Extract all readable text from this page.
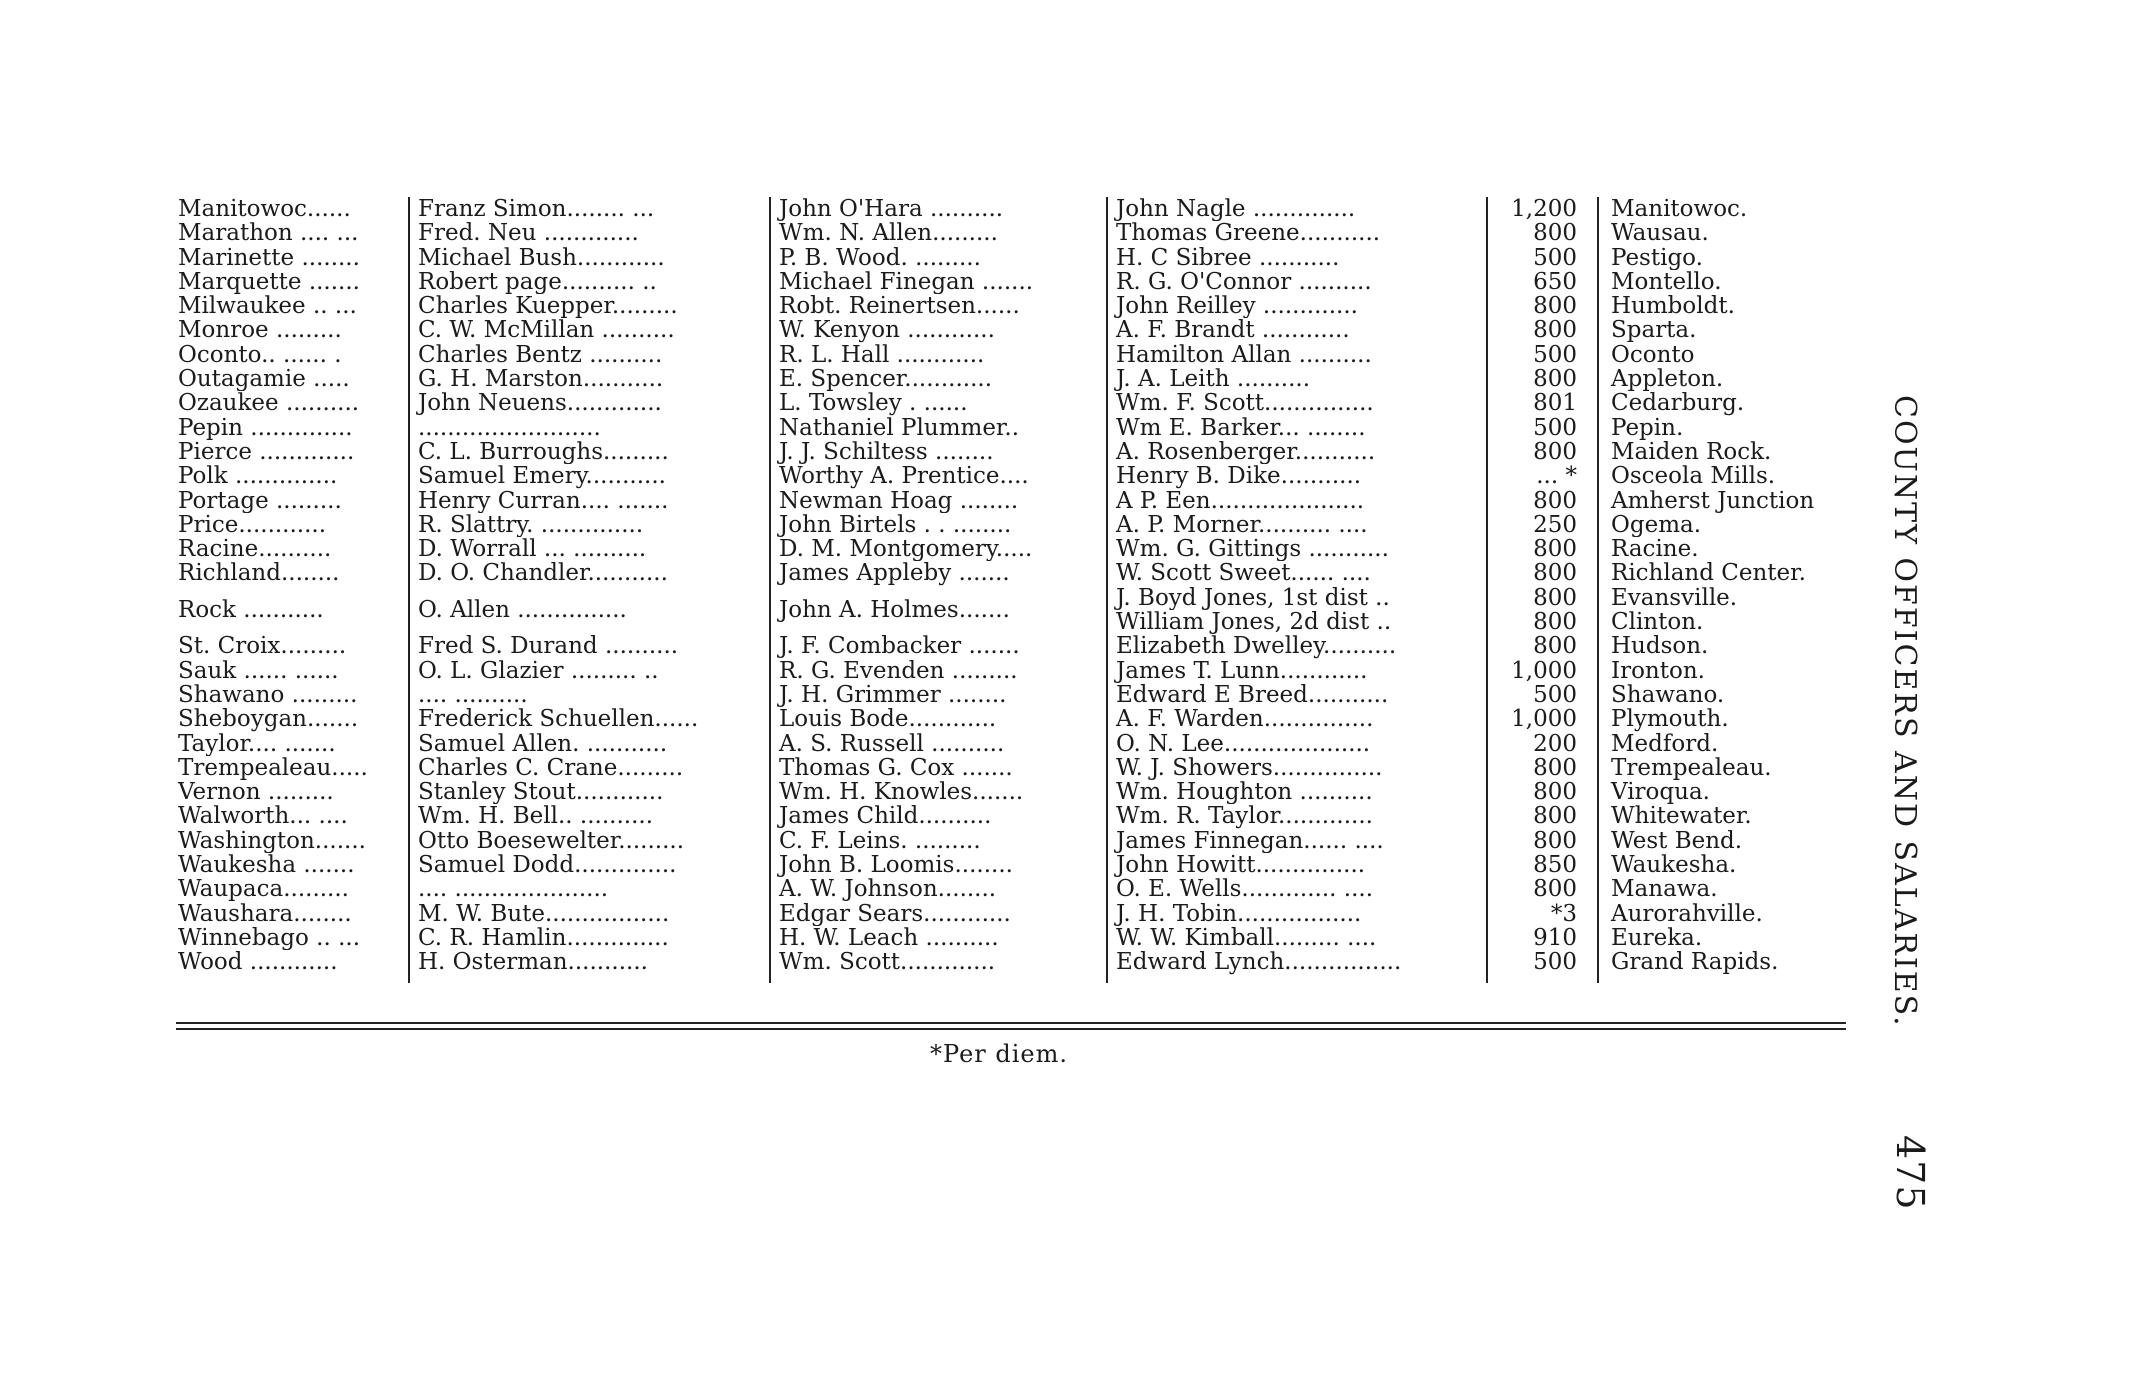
Manitowoc......	Franz Simon........ ...	John O'Hara ..........	John Nagle ..............	1,200	Manitowoc.
Marathon .... ...	Fred. Neu .............	Wm. N. Allen.........	Thomas Greene...........	800	Wausau.
Marinette ........	Michael Bush............	P. B. Wood. .........	H. C Sibree ...........	500	Pestigo.
Marquette .......	Robert page.......... ..	Michael Finegan .......	R. G. O'Connor ..........	650	Montello.
Milwaukee .. ...	Charles Kuepper.........	Robt. Reinertsen......	John Reilley .............	800	Humboldt.
Monroe .........	C. W. McMillan ..........	W. Kenyon ............	A. F. Brandt ............	800	Sparta.
Oconto.. ...... .	Charles Bentz ..........	R. L. Hall ............	Hamilton Allan ..........	500	Oconto
Outagamie .....	G. H. Marston...........	E. Spencer............	J. A. Leith ..........	800	Appleton.
Ozaukee ..........	John Neuens.............	L. Towsley . ......	Wm. F. Scott...............	801	Cedarburg.
Pepin ..............	.........................	Nathaniel Plummer..	Wm E. Barker... ........	500	Pepin.
Pierce .............	C. L. Burroughs.........	J. J. Schiltess ........	A. Rosenberger...........	800	Maiden Rock.
Polk ..............	Samuel Emery...........	Worthy A. Prentice....	Henry B. Dike...........	... *	Osceola Mills.
Portage .........	Henry Curran.... .......	Newman Hoag ........	A P. Een.....................	800	Amherst Junction
Price............	R. Slattry. ..............	John Birtels . . ........	A. P. Morner.......... ....	250	Ogema.
Racine..........	D. Worrall ... ..........	D. M. Montgomery.....	Wm. G. Gittings ...........	800	Racine.
Richland........	D. O. Chandler...........	James Appleby .......	W. Scott Sweet...... ....	800	Richland Center.
Rock ...........	O. Allen ...............	John A. Holmes.......	J. Boyd Jones, 1st dist ..	800	Evansville.
			William Jones, 2d dist ..	800	Clinton.
St. Croix.........	Fred S. Durand ..........	J. F. Combacker .......	Elizabeth Dwelley..........	800	Hudson.
Sauk ...... ......	O. L. Glazier ......... ..	R. G. Evenden .........	James T. Lunn............	1,000	Ironton.
Shawano .........	.... ..........	J. H. Grimmer ........	Edward E Breed...........	500	Shawano.
Sheboygan.......	Frederick Schuellen......	Louis Bode............	A. F. Warden...............	1,000	Plymouth.
Taylor.... .......	Samuel Allen. ...........	A. S. Russell ..........	O. N. Lee....................	200	Medford.
Trempealeau.....	Charles C. Crane.........	Thomas G. Cox .......	W. J. Showers...............	800	Trempealeau.
Vernon .........	Stanley Stout............	Wm. H. Knowles.......	Wm. Houghton ..........	800	Viroqua.
Walworth... ....	Wm. H. Bell.. ..........	James Child..........	Wm. R. Taylor.............	800	Whitewater.
Washington.......	Otto Boesewelter.........	C. F. Leins. .........	James Finnegan...... ....	800	West Bend.
Waukesha .......	Samuel Dodd..............	John B. Loomis........	John Howitt...............	850	Waukesha.
Waupaca.........	.... .....................	A. W. Johnson........	O. E. Wells............. ....	800	Manawa.
Waushara........	M. W. Bute.................	Edgar Sears............	J. H. Tobin.................	*3	Aurorahville.
Winnebago .. ...	C. R. Hamlin..............	H. W. Leach ..........	W. W. Kimball......... ....	910	Eureka.
Wood ............	H. Osterman...........	Wm. Scott.............	Edward Lynch................	500	Grand Rapids.

*Per diem.
COUNTY OFFICERS AND SALARIES.
475
